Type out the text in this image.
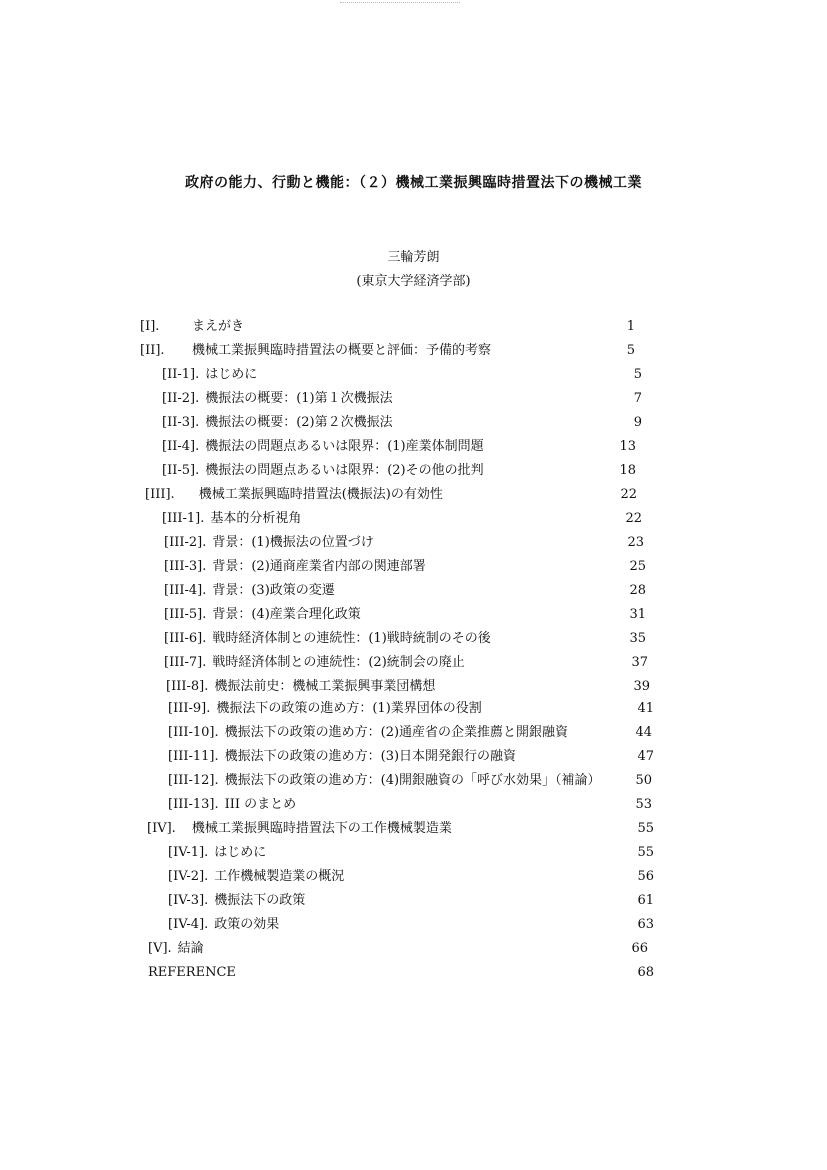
政府の能力、行動と機能：（２）機械工業振興臨時措置法下の機械工業
三輪芳朗
(東京大学経済学部)
[I].	まえがき	1
[II]. 機械工業振興臨時措置法の概要と評価：予備的考察	5
[II-1]. はじめに	5
[II-2]. 機振法の概要：(1)第１次機振法	7
[II-3]. 機振法の概要：(2)第２次機振法	9
[II-4]. 機振法の問題点あるいは限界：(1)産業体制問題	13
[II-5]. 機振法の問題点あるいは限界：(2)その他の批判	18
[III]. 機械工業振興臨時措置法(機振法)の有効性	22
[III-1]. 基本的分析視角	22
[III-2]. 背景：(1)機振法の位置づけ	23
[III-3]. 背景：(2)通商産業省内部の関連部署	25
[III-4]. 背景：(3)政策の変遷	28
[III-5]. 背景：(4)産業合理化政策	31
[III-6]. 戦時経済体制との連続性：(1)戦時統制のその後	35
[III-7]. 戦時経済体制との連続性：(2)統制会の廃止	37
[III-8]. 機振法前史：機械工業振興事業団構想	39
[III-9]. 機振法下の政策の進め方：(1)業界団体の役割	41
[III-10]. 機振法下の政策の進め方：(2)通産省の企業推薦と開銀融資	44
[III-11]. 機振法下の政策の進め方：(3)日本開発銀行の融資	47
[III-12]. 機振法下の政策の進め方：(4)開銀融資の「呼び水効果」（補論）	50
[III-13]. III のまとめ	53
[IV]. 機械工業振興臨時措置法下の工作機械製造業	55
[IV-1]. はじめに	55
[IV-2]. 工作機械製造業の概況	56
[IV-3]. 機振法下の政策	61
[IV-4]. 政策の効果	63
[V]. 結論	66
REFERENCE	68
